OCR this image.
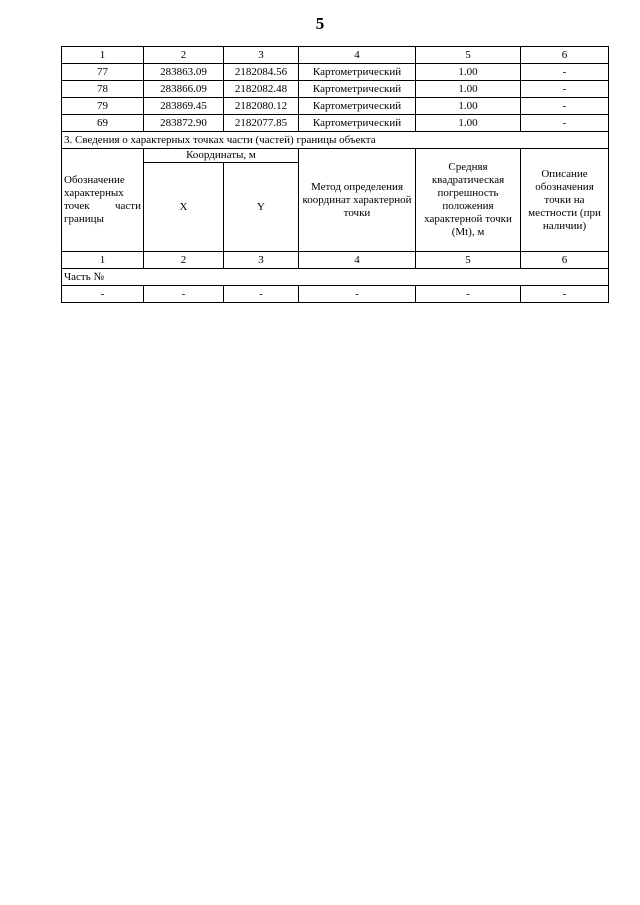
5
1	2	3	4	5	6
77	283863.09	2182084.56	Картометрический	1.00	-
78	283866.09	2182082.48	Картометрический	1.00	-
79	283869.45	2182080.12	Картометрический	1.00	-
69	283872.90	2182077.85	Картометрический	1.00	-
3. Сведения о характерных точках части (частей) границы объекта					
Обозначение характерных точек части границы	Координаты, м		Метод определения координат характерной точки	Средняя квадратическая погрешность положения характерной точки (Mt), м	Описание обозначения точки на местности (при наличии)
	X	Y			
1	2	3	4	5	6
Часть №					
-	-	-	-	-	-
